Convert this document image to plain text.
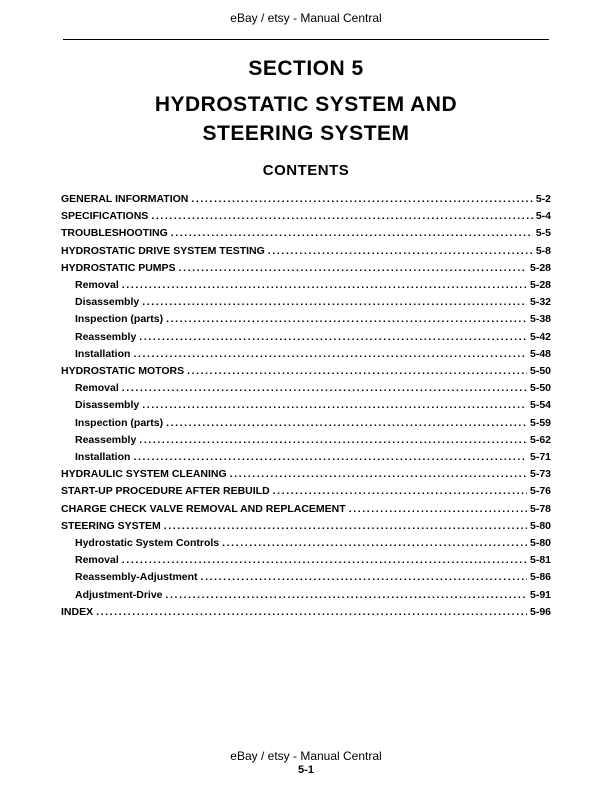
eBay / etsy - Manual Central
SECTION 5
HYDROSTATIC SYSTEM AND
STEERING SYSTEM
CONTENTS
GENERAL INFORMATION .....	5-2
SPECIFICATIONS .....	5-4
TROUBLESHOOTING .....	5-5
HYDROSTATIC DRIVE SYSTEM TESTING .....	5-8
HYDROSTATIC PUMPS .....	5-28
Removal .....	5-28
Disassembly .....	5-32
Inspection (parts) .....	5-38
Reassembly .....	5-42
Installation .....	5-48
HYDROSTATIC MOTORS .....	5-50
Removal .....	5-50
Disassembly .....	5-54
Inspection (parts) .....	5-59
Reassembly .....	5-62
Installation .....	5-71
HYDRAULIC SYSTEM CLEANING .....	5-73
START-UP PROCEDURE AFTER REBUILD .....	5-76
CHARGE CHECK VALVE REMOVAL AND REPLACEMENT .....	5-78
STEERING SYSTEM .....	5-80
Hydrostatic System Controls .....	5-80
Removal .....	5-81
Reassembly-Adjustment .....	5-86
Adjustment-Drive .....	5-91
INDEX .....	5-96
eBay / etsy - Manual Central
5-1
